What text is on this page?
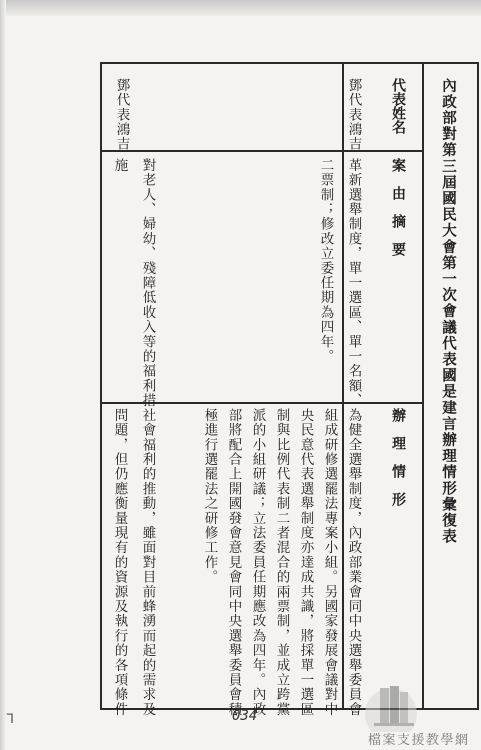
內政部對第三屆國民大會第一次會議代表國是建言辦理情形彙復表
代表姓名
案　由　摘　要
辦　理　情　形
鄧代表鴻吉
革新選舉制度，單一選區、單一名額、
二票制；修改立委任期為四年。
為健全選舉制度，內政部業會同中央選舉委員會
組成研修選罷法專案小組。另國家發展會議對中
央民意代表選舉制度亦達成共識，將採單一選區
制與比例代表制二者混合的兩票制，並成立跨黨
派的小組研議；立法委員任期應改為四年。內政
部將配合上開國發會意見會同中央選舉委員會積
極進行選罷法之研修工作。
鄧代表鴻吉
對老人、婦幼、殘障低收入等的福利措
施
社會福利的推動，雖面對目前蜂湧而起的需求及
問題，但仍應衡量現有的資源及執行的各項條件	034
ᒣ
檔案支援教學網
